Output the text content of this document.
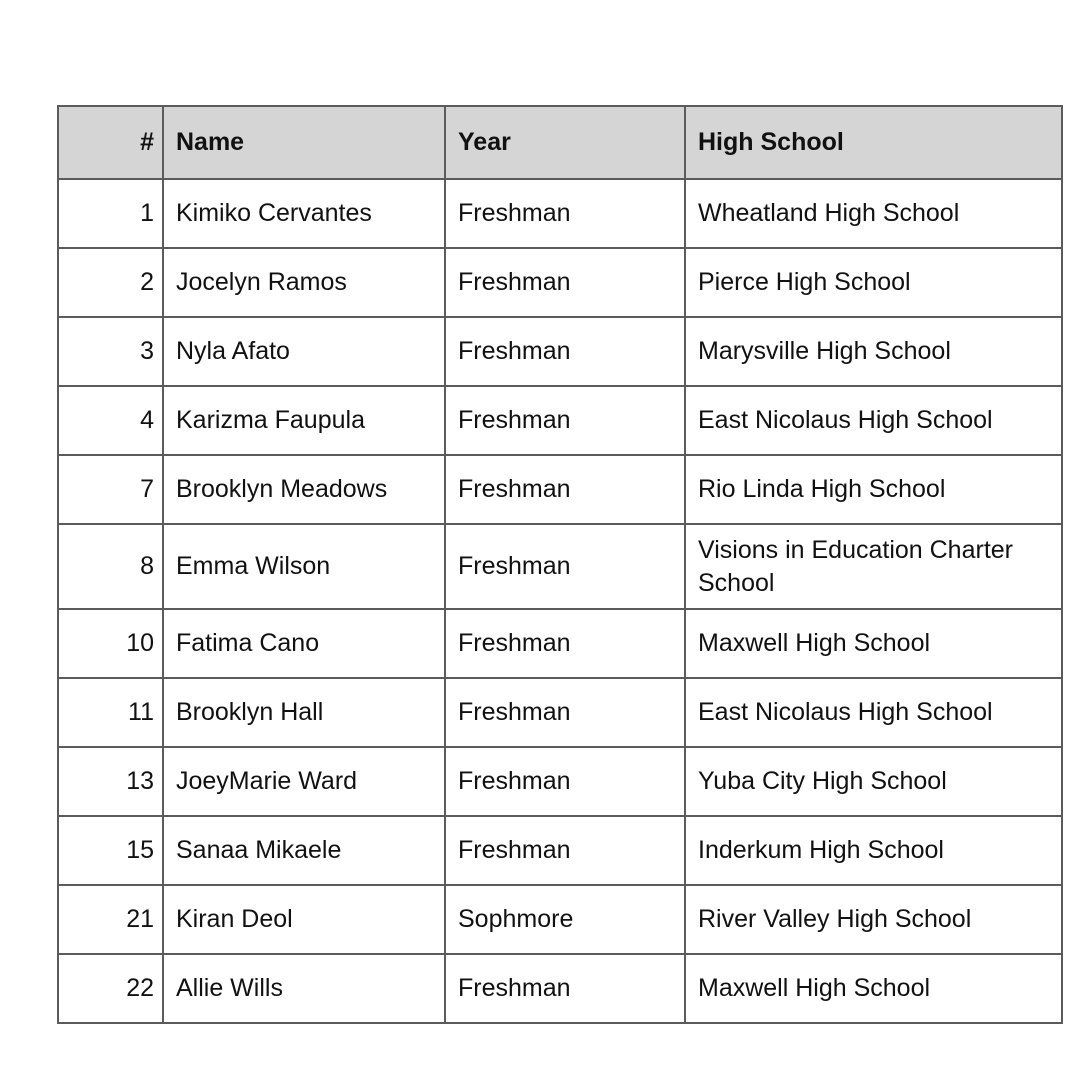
#	Name	Year	High School
1	Kimiko Cervantes	Freshman	Wheatland High School
2	Jocelyn Ramos	Freshman	Pierce High School
3	Nyla Afato	Freshman	Marysville High School
4	Karizma Faupula	Freshman	East Nicolaus High School
7	Brooklyn Meadows	Freshman	Rio Linda High School
8	Emma Wilson	Freshman	Visions in Education Charter School
10	Fatima Cano	Freshman	Maxwell High School
11	Brooklyn Hall	Freshman	East Nicolaus High School
13	JoeyMarie Ward	Freshman	Yuba City High School
15	Sanaa Mikaele	Freshman	Inderkum High School
21	Kiran Deol	Sophmore	River Valley High School
22	Allie Wills	Freshman	Maxwell High School
